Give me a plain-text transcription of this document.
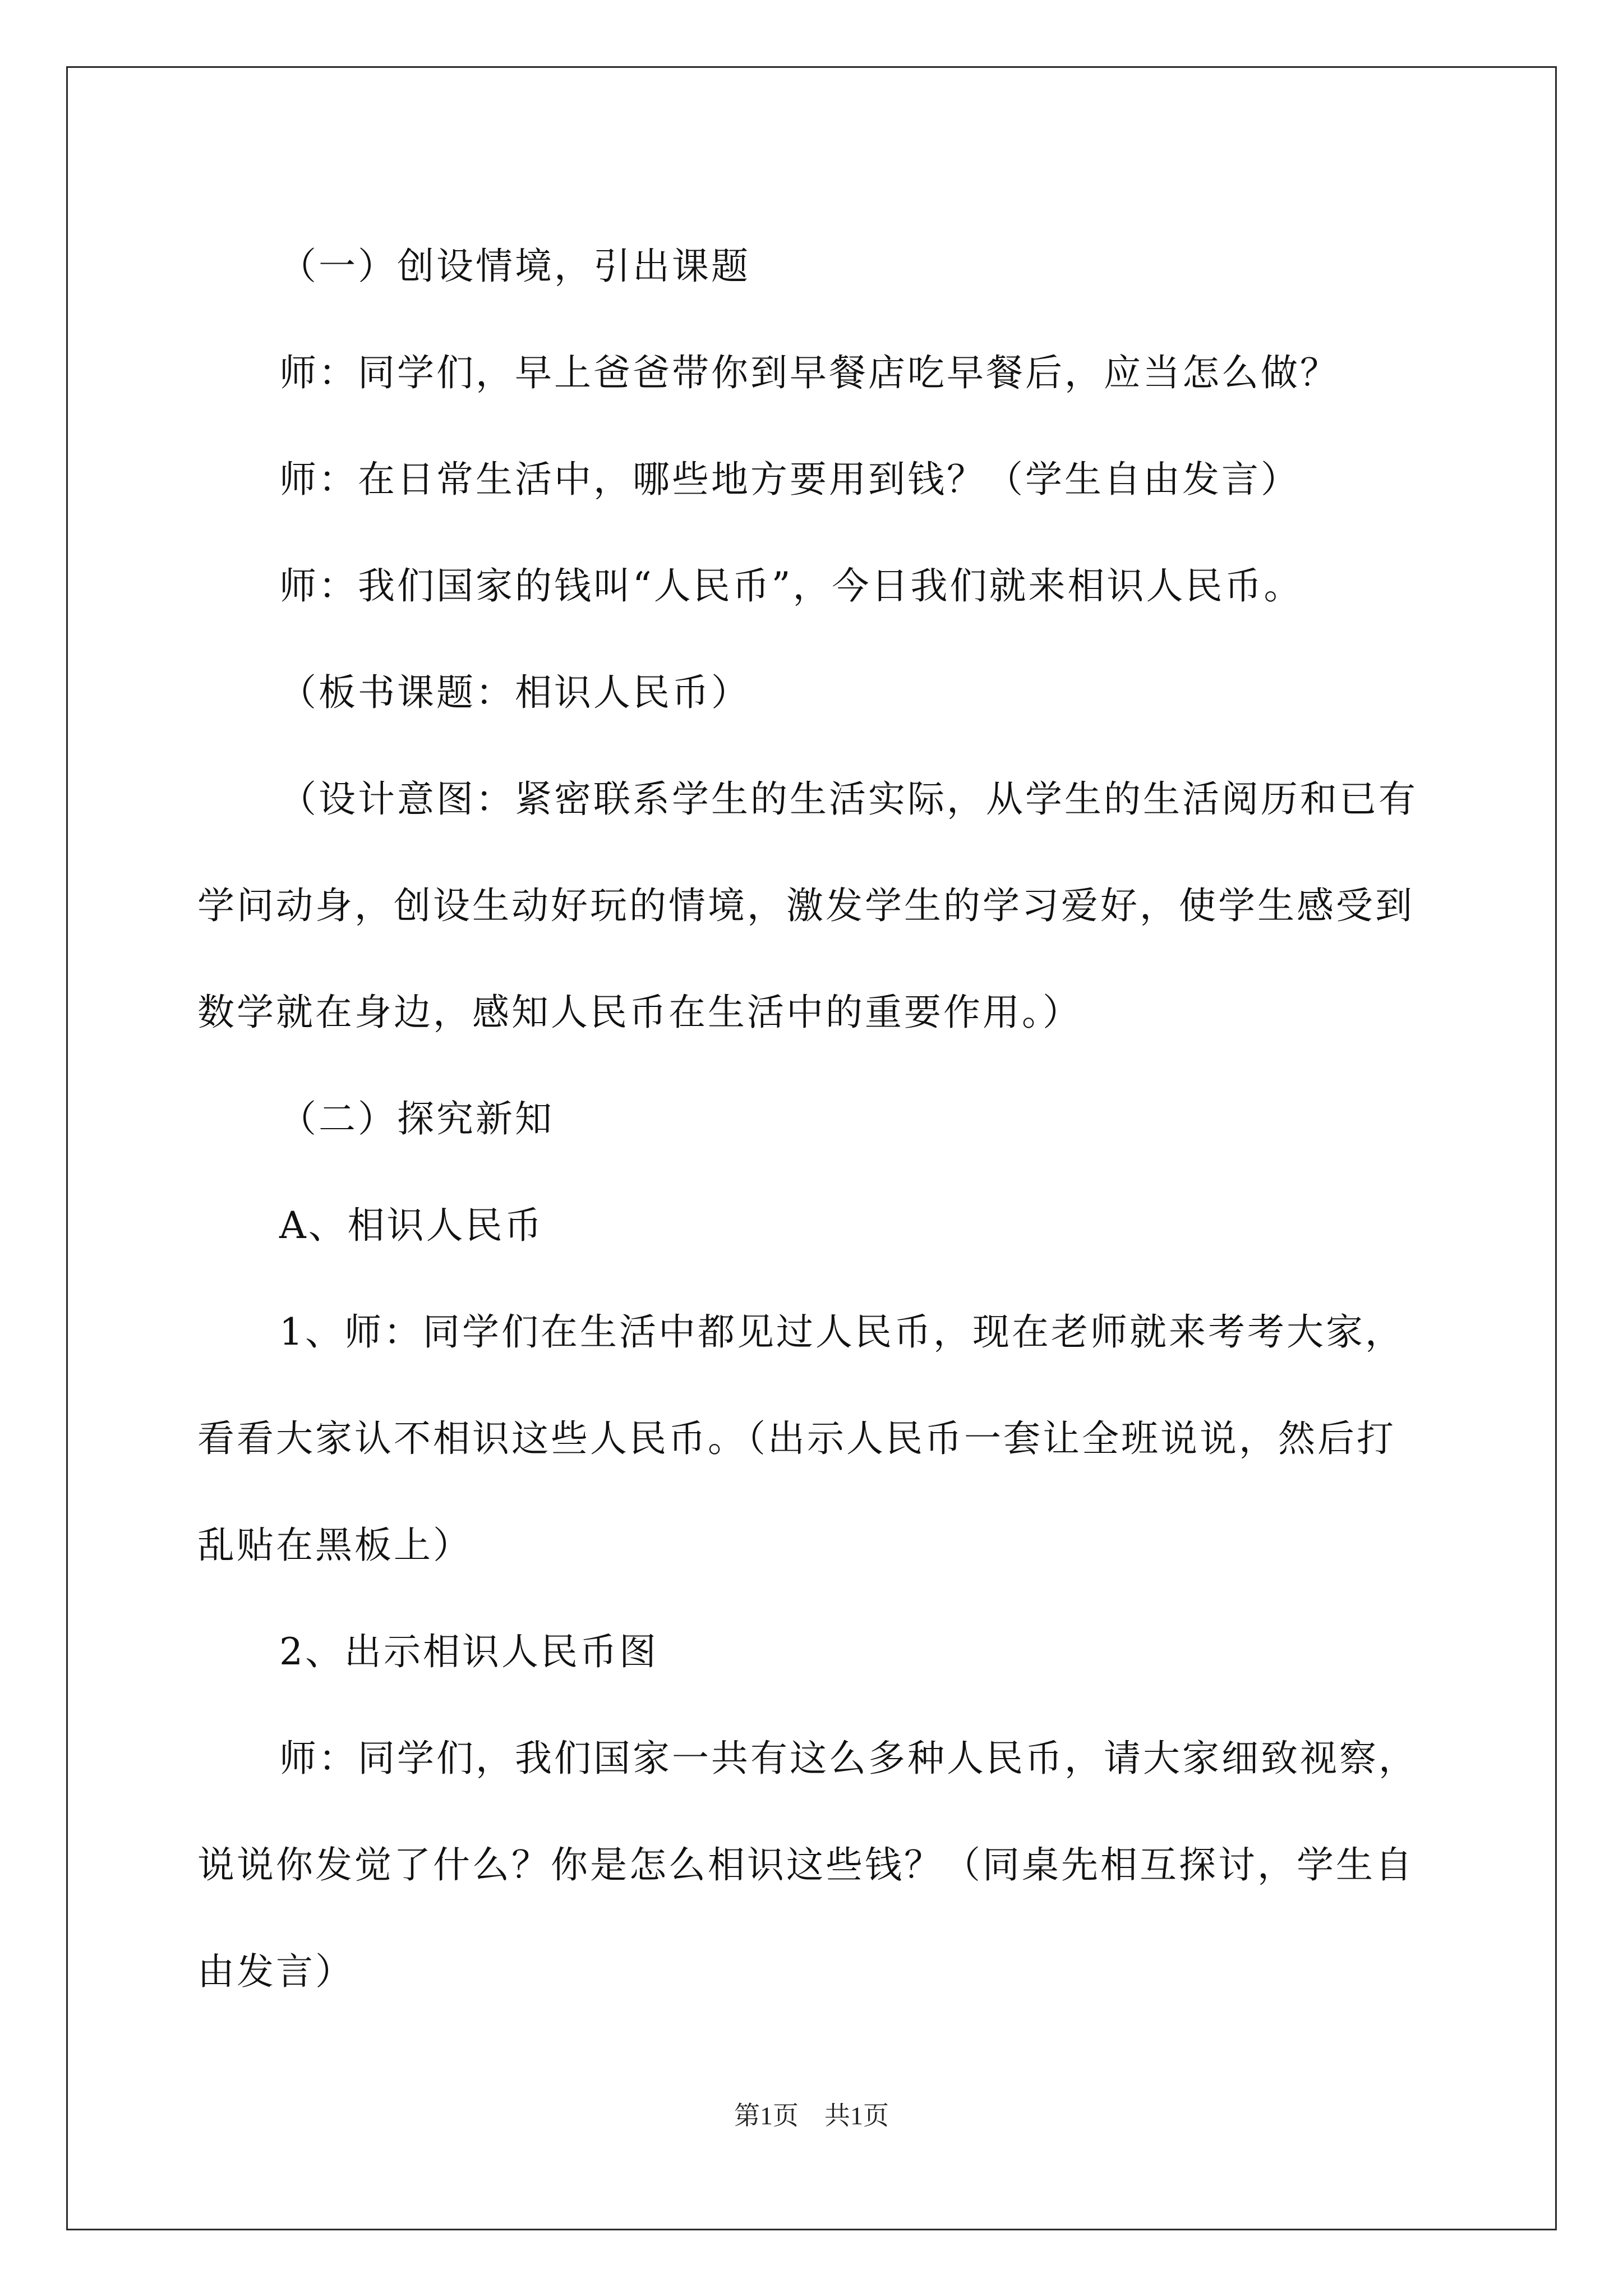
（一）创设情境，引出课题

师：同学们，早上爸爸带你到早餐店吃早餐后，应当怎么做？

师：在日常生活中，哪些地方要用到钱？（学生自由发言）

师：我们国家的钱叫“人民币”，今日我们就来相识人民币。

（板书课题：相识人民币）

（设计意图：紧密联系学生的生活实际，从学生的生活阅历和已有学问动身，创设生动好玩的情境，激发学生的学习爱好，使学生感受到数学就在身边，感知人民币在生活中的重要作用。）

（二）探究新知

A、相识人民币

1、师：同学们在生活中都见过人民币，现在老师就来考考大家，看看大家认不相识这些人民币。（出示人民币一套让全班说说，然后打乱贴在黑板上）

2、出示相识人民币图

师：同学们，我们国家一共有这么多种人民币，请大家细致视察，说说你发觉了什么？你是怎么相识这些钱？（同桌先相互探讨，学生自由发言）

第1页 共1页
